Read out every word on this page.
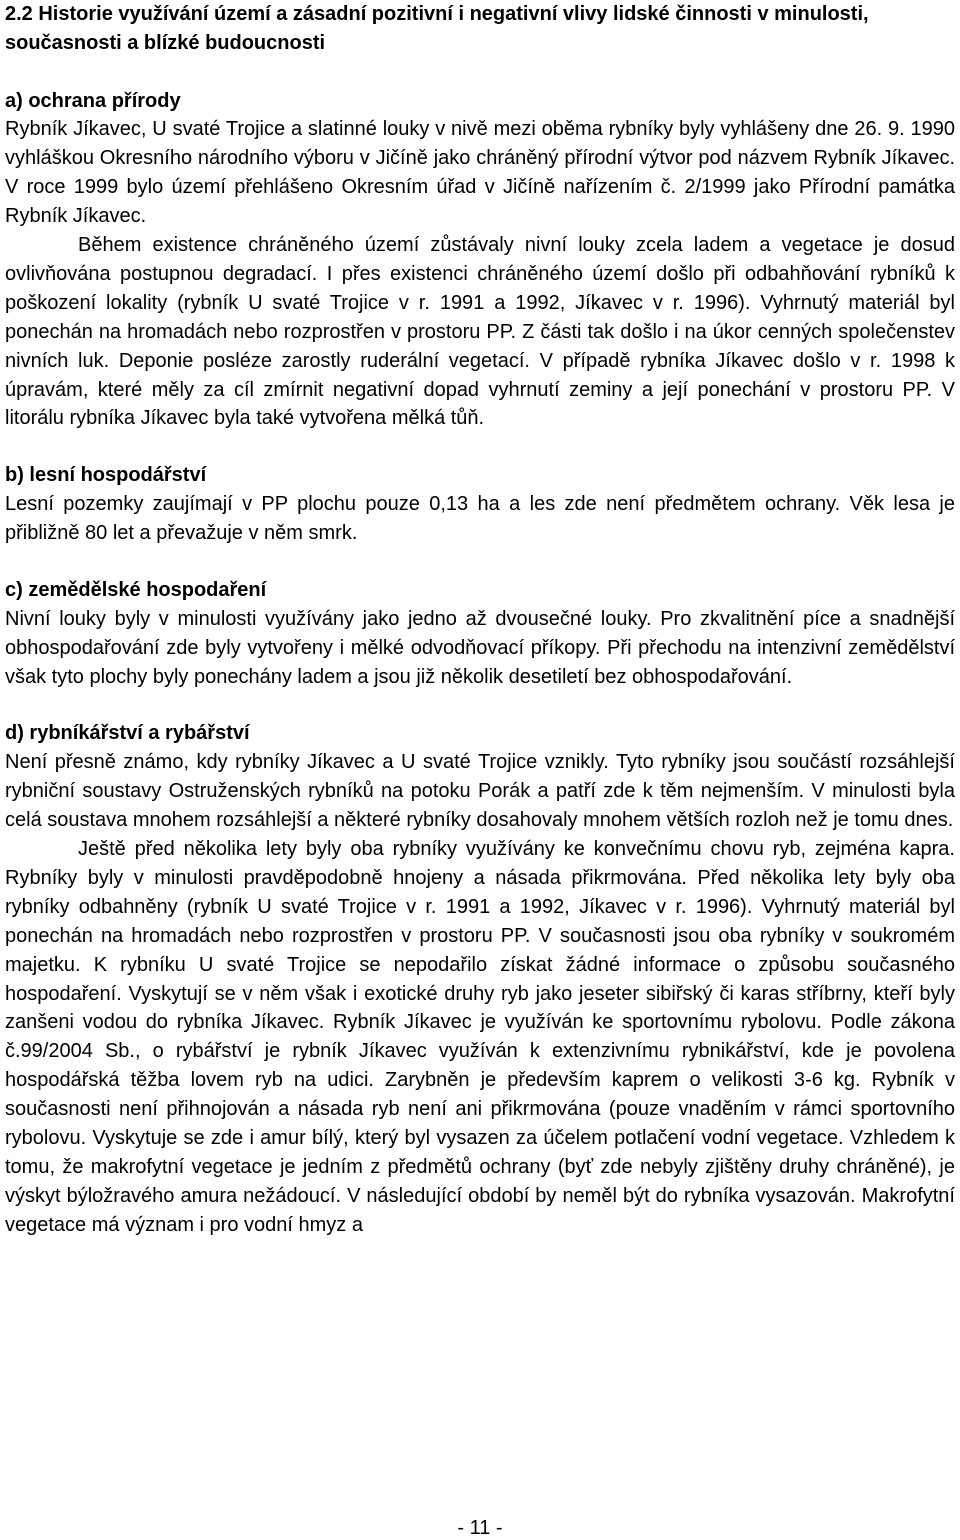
2.2 Historie využívání území a zásadní pozitivní i negativní vlivy lidské činnosti v minulosti, současnosti a blízké budoucnosti
a) ochrana přírody

Rybník Jíkavec, U svaté Trojice a slatinné louky v nivě mezi oběma rybníky byly vyhlášeny dne 26. 9. 1990 vyhláškou Okresního národního výboru v Jičíně jako chráněný přírodní výtvor pod názvem Rybník Jíkavec. V roce 1999 bylo území přehlášeno Okresním úřad v Jičíně nařízením č. 2/1999 jako Přírodní památka Rybník Jíkavec.

Během existence chráněného území zůstávaly nivní louky zcela ladem a vegetace je dosud ovlivňována postupnou degradací. I přes existenci chráněného území došlo při odbahňování rybníků k poškození lokality (rybník U svaté Trojice v r. 1991 a 1992, Jíkavec v r. 1996). Vyhrnutý materiál byl ponechán na hromadách nebo rozprostřen v prostoru PP. Z části tak došlo i na úkor cenných společenstev nivních luk. Deponie posléze zarostly ruderální vegetací. V případě rybníka Jíkavec došlo v r. 1998 k úpravám, které měly za cíl zmírnit negativní dopad vyhrnutí zeminy a její ponechání v prostoru PP. V litorálu rybníka Jíkavec byla také vytvořena mělká tůň.

b) lesní hospodářství

Lesní pozemky zaujímají v PP plochu pouze 0,13 ha a les zde není předmětem ochrany. Věk lesa je přibližně 80 let a převažuje v něm smrk.

c) zemědělské hospodaření

Nivní louky byly v minulosti využívány jako jedno až dvousečné louky. Pro zkvalitnění píce a snadnější obhospodařování zde byly vytvořeny i mělké odvodňovací příkopy. Při přechodu na intenzivní zemědělství však tyto plochy byly ponechány ladem a jsou již několik desetiletí bez obhospodařování.

d) rybníkářství a rybářství

Není přesně známo, kdy rybníky Jíkavec a U svaté Trojice vznikly. Tyto rybníky jsou součástí rozsáhlejší rybniční soustavy Ostruženských rybníků na potoku Porák a patří zde k těm nejmenším. V minulosti byla celá soustava mnohem rozsáhlejší a některé rybníky dosahovaly mnohem větších rozloh než je tomu dnes.

Ještě před několika lety byly oba rybníky využívány ke konvečnímu chovu ryb, zejména kapra. Rybníky byly v minulosti pravděpodobně hnojeny a násada přikrmována. Před několika lety byly oba rybníky odbahněny (rybník U svaté Trojice v r. 1991 a 1992, Jíkavec v r. 1996). Vyhrnutý materiál byl ponechán na hromadách nebo rozprostřen v prostoru PP. V současnosti jsou oba rybníky v soukromém majetku. K rybníku U svaté Trojice se nepodařilo získat žádné informace o způsobu současného hospodaření. Vyskytují se v něm však i exotické druhy ryb jako jeseter sibiřský či karas stříbrny, kteří byly zanšeni vodou do rybníka Jíkavec. Rybník Jíkavec je využíván ke sportovnímu rybolovu. Podle zákona č.99/2004 Sb., o rybářství je rybník Jíkavec využíván k extenzivnímu rybnikářství, kde je povolena hospodářská těžba lovem ryb na udici. Zarybněn je především kaprem o velikosti 3-6 kg. Rybník v současnosti není přihnojován a násada ryb není ani přikrmována (pouze vnaděním v rámci sportovního rybolovu. Vyskytuje se zde i amur bílý, který byl vysazen za účelem potlačení vodní vegetace. Vzhledem k tomu, že makrofytní vegetace je jedním z předmětů ochrany (byť zde nebyly zjištěny druhy chráněné), je výskyt býložravého amura nežádoucí. V následující období by neměl být do rybníka vysazován. Makrofytní vegetace má význam i pro vodní hmyz a

- 11 -
